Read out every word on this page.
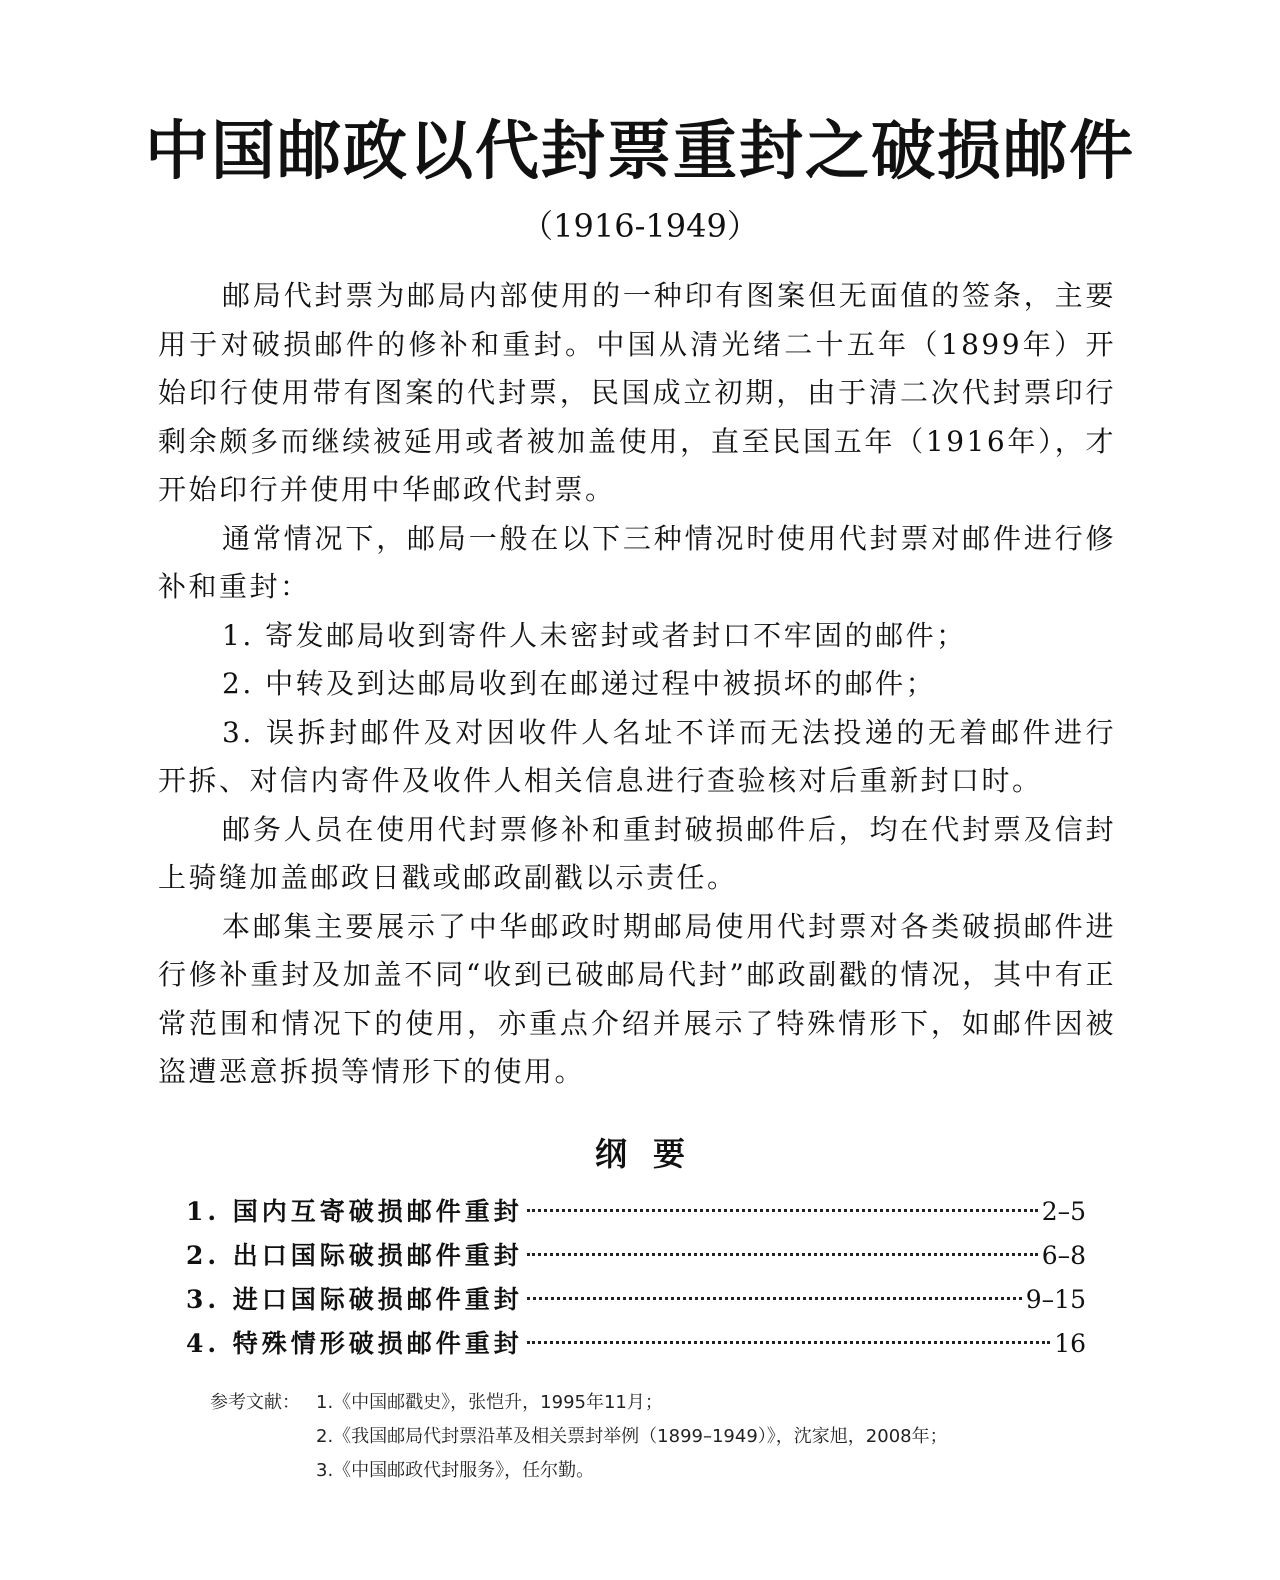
中国邮政以代封票重封之破损邮件
（1916-1949）

邮局代封票为邮局内部使用的一种印有图案但无面值的签条，主要用于对破损邮件的修补和重封。中国从清光绪二十五年（1899年）开始印行使用带有图案的代封票，民国成立初期，由于清二次代封票印行剩余颇多而继续被延用或者被加盖使用，直至民国五年（1916年），才开始印行并使用中华邮政代封票。

通常情况下，邮局一般在以下三种情况时使用代封票对邮件进行修补和重封：

1. 寄发邮局收到寄件人未密封或者封口不牢固的邮件；

2. 中转及到达邮局收到在邮递过程中被损坏的邮件；

3. 误拆封邮件及对因收件人名址不详而无法投递的无着邮件进行开拆、对信内寄件及收件人相关信息进行查验核对后重新封口时。

邮务人员在使用代封票修补和重封破损邮件后，均在代封票及信封上骑缝加盖邮政日戳或邮政副戳以示责任。

本邮集主要展示了中华邮政时期邮局使用代封票对各类破损邮件进行修补重封及加盖不同“收到已破邮局代封”邮政副戳的情况，其中有正常范围和情况下的使用，亦重点介绍并展示了特殊情形下，如邮件因被盗遭恶意拆损等情形下的使用。

纲要
1. 国内互寄破损邮件重封	2–5
2. 出口国际破损邮件重封	6–8
3. 进口国际破损邮件重封	9–15
4. 特殊情形破损邮件重封	16
参考文献： 1.《中国邮戳史》，张恺升，1995年11月；
2.《我国邮局代封票沿革及相关票封举例（1899–1949）》，沈家旭，2008年；
3.《中国邮政代封服务》，任尔勤。
